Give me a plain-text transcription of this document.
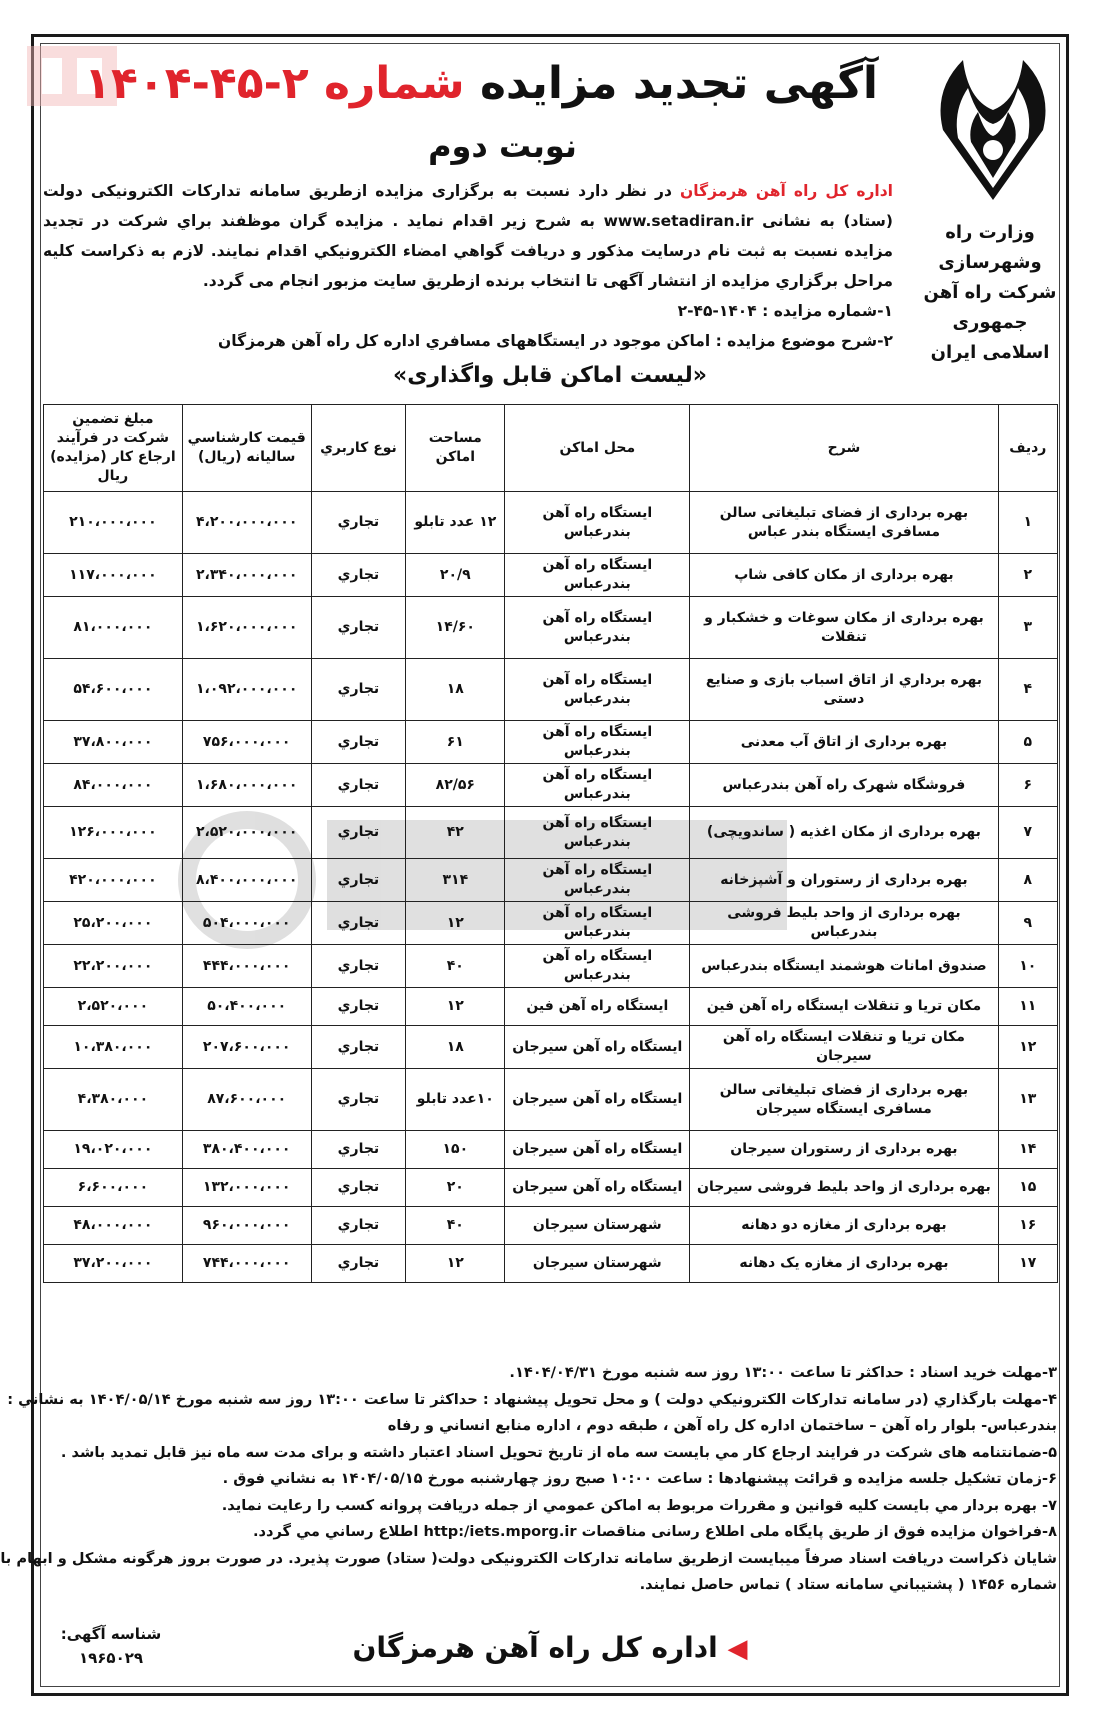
وزارت راه وشهرسازی
شرکت راه آهن جمهوری
اسلامی ایران
آگهی تجدید مزایده شماره ۲-۴۵-۱۴۰۴
نوبت دوم

اداره کل راه آهن هرمزگان در نظر دارد نسبت به برگزاری مزایده ازطریق سامانه تدارکات الکترونیکی دولت (ستاد) به نشانی www.setadiran.ir به شرح زیر اقدام نماید . مزایده گران موظفند براي شرکت در تجدید مزایده نسبت به ثبت نام درسایت مذکور و دریافت گواهي امضاء الکترونیکي اقدام نمایند. لازم به ذکراست کلیه مراحل برگزاري مزایده از انتشار آگهی تا انتخاب برنده ازطریق سایت مزبور انجام می گردد.

۱-شماره مزایده : ۱۴۰۴-۴۵-۲

۲-شرح موضوع مزایده : اماکن موجود در ایستگاههای مسافري اداره کل راه آهن هرمزگان

«لیست اماکن قابل واگذاری»
ردیف	شرح	محل اماکن	مساحت اماکن	نوع کاربري	قیمت کارشناسي سالیانه (ریال)	مبلغ تضمین شرکت در فرآیند ارجاع کار (مزایده) ریال
۱	بهره برداری از فضای تبلیغاتی سالن مسافری ایستگاه بندر عباس	ایستگاه راه آهن بندرعباس	۱۲ عدد تابلو	تجاري	۴،۲۰۰،۰۰۰،۰۰۰	۲۱۰،۰۰۰،۰۰۰
۲	بهره برداری از مکان کافی شاپ	ایستگاه راه آهن بندرعباس	۲۰/۹	تجاري	۲،۳۴۰،۰۰۰،۰۰۰	۱۱۷،۰۰۰،۰۰۰
۳	بهره برداری از مکان سوغات و خشکبار و تنقلات	ایستگاه راه آهن بندرعباس	۱۴/۶۰	تجاري	۱،۶۲۰،۰۰۰،۰۰۰	۸۱،۰۰۰،۰۰۰
۴	بهره برداري از اتاق اسباب بازی و صنایع دستی	ایستگاه راه آهن بندرعباس	۱۸	تجاري	۱،۰۹۲،۰۰۰،۰۰۰	۵۴،۶۰۰،۰۰۰
۵	بهره برداری از اتاق آب معدنی	ایستگاه راه آهن بندرعباس	۶۱	تجاري	۷۵۶،۰۰۰،۰۰۰	۳۷،۸۰۰،۰۰۰
۶	فروشگاه شهرک راه آهن بندرعباس	ایستگاه راه آهن بندرعباس	۸۲/۵۶	تجاري	۱،۶۸۰،۰۰۰،۰۰۰	۸۴،۰۰۰،۰۰۰
۷	بهره برداری از مکان اغذیه ( ساندویچی)	ایستگاه راه آهن بندرعباس	۴۲	تجاري	۲،۵۲۰،۰۰۰،۰۰۰	۱۲۶،۰۰۰،۰۰۰
۸	بهره برداری از رستوران و آشپزخانه	ایستگاه راه آهن بندرعباس	۳۱۴	تجاري	۸،۴۰۰،۰۰۰،۰۰۰	۴۲۰،۰۰۰،۰۰۰
۹	بهره برداری از واحد بلیط فروشی بندرعباس	ایستگاه راه آهن بندرعباس	۱۲	تجاري	۵۰۴،۰۰۰،۰۰۰	۲۵،۲۰۰،۰۰۰
۱۰	صندوق امانات هوشمند ایستگاه بندرعباس	ایستگاه راه آهن بندرعباس	۴۰	تجاري	۴۴۴،۰۰۰،۰۰۰	۲۲،۲۰۰،۰۰۰
۱۱	مکان تریا و تنقلات ایستگاه راه آهن فین	ایستگاه راه آهن فین	۱۲	تجاري	۵۰،۴۰۰،۰۰۰	۲،۵۲۰،۰۰۰
۱۲	مکان تریا و تنقلات ایستگاه راه آهن سیرجان	ایستگاه راه آهن سیرجان	۱۸	تجاري	۲۰۷،۶۰۰،۰۰۰	۱۰،۳۸۰،۰۰۰
۱۳	بهره برداری از فضای تبلیغاتی سالن مسافری ایستگاه سیرجان	ایستگاه راه آهن سیرجان	۱۰عدد تابلو	تجاري	۸۷،۶۰۰،۰۰۰	۴،۳۸۰،۰۰۰
۱۴	بهره برداری از رستوران سیرجان	ایستگاه راه آهن سیرجان	۱۵۰	تجاري	۳۸۰،۴۰۰،۰۰۰	۱۹،۰۲۰،۰۰۰
۱۵	بهره برداری از واحد بلیط فروشی سیرجان	ایستگاه راه آهن سیرجان	۲۰	تجاري	۱۳۲،۰۰۰،۰۰۰	۶،۶۰۰،۰۰۰
۱۶	بهره برداری از مغازه دو دهانه	شهرستان سیرجان	۴۰	تجاري	۹۶۰،۰۰۰،۰۰۰	۴۸،۰۰۰،۰۰۰
۱۷	بهره برداری از مغازه یک دهانه	شهرستان سیرجان	۱۲	تجاري	۷۴۴،۰۰۰،۰۰۰	۳۷،۲۰۰،۰۰۰

۳-مهلت خرید اسناد : حداکثر تا ساعت ۱۳:۰۰ روز سه شنبه مورخ ۱۴۰۴/۰۴/۳۱.

۴-مهلت بارگذاري (در سامانه تدارکات الکترونیکي دولت ) و محل تحویل پیشنهاد : حداکثر تا ساعت ۱۳:۰۰ روز سه شنبه مورخ ۱۴۰۴/۰۵/۱۴ به نشاني :

بندرعباس- بلوار راه آهن – ساختمان اداره کل راه آهن ، طبقه دوم ، اداره منابع انساني و رفاه

۵-ضمانتنامه های شرکت در فرایند ارجاع کار مي بایست سه ماه از تاریخ تحویل اسناد اعتبار داشته و برای مدت سه ماه نیز قابل تمدید باشد .

۶-زمان تشکیل جلسه مزایده و قرائت پیشنهادها : ساعت ۱۰:۰۰ صبح روز چهارشنبه مورخ ۱۴۰۴/۰۵/۱۵ به نشاني فوق .

۷- بهره بردار مي بایست کلیه قوانین و مقررات مربوط به اماکن عمومي از جمله دریافت پروانه کسب را رعایت نماید.

۸-فراخوان مزایده فوق از طریق پایگاه ملی اطلاع رسانی مناقصات http:/iets.mporg.ir اطلاع رساني مي گردد.

شایان ذکراست دریافت اسناد صرفاً میبایست ازطریق سامانه تدارکات الکترونیکی دولت( ستاد) صورت پذیرد. در صورت بروز هرگونه مشکل و ابهام با

شماره ۱۴۵۶ ( پشتیباني سامانه ستاد ) تماس حاصل نمایند.

◀ اداره کل راه آهن هرمزگان
شناسه آگهی:
۱۹۶۵۰۲۹
